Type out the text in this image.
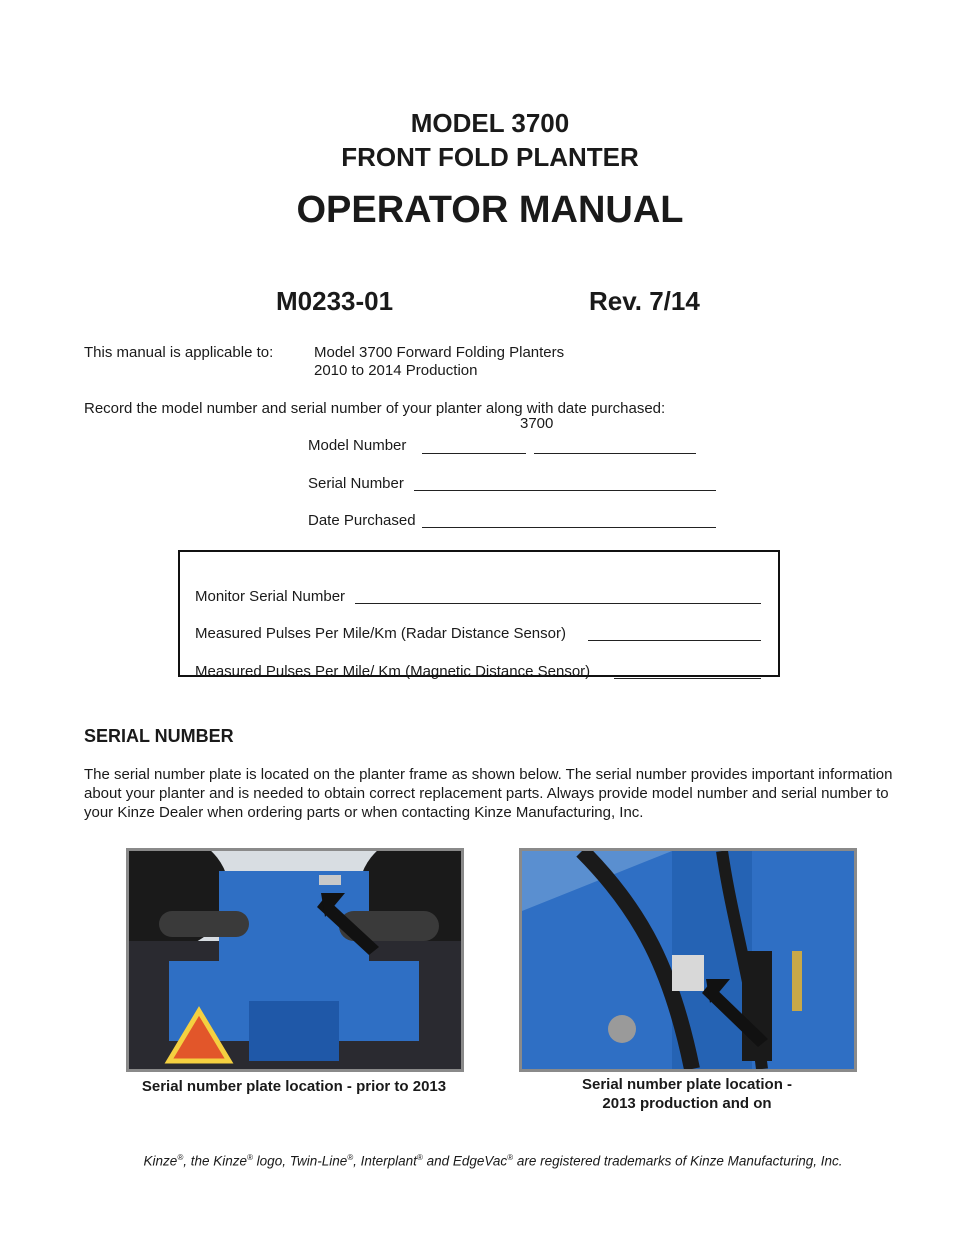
MODEL 3700
FRONT FOLD PLANTER
OPERATOR MANUAL
M0233-01	Rev. 7/14
This manual is applicable to:	Model 3700 Forward Folding Planters
2010 to 2014 Production
Record the model number and serial number of your planter along with date purchased:
3700
Model Number
Serial Number
Date Purchased
Monitor Serial Number
Measured Pulses Per Mile/Km (Radar Distance Sensor)
Measured Pulses Per Mile/ Km (Magnetic Distance Sensor)
SERIAL NUMBER
The serial number plate is located on the planter frame as shown below. The serial number provides important information about your planter and is needed to obtain correct replacement parts. Always provide model number and serial number to your Kinze Dealer when ordering parts or when contacting Kinze Manufacturing, Inc.
Serial number plate location - prior to 2013	Serial number plate location -
2013 production and on
Kinze®, the Kinze® logo, Twin-Line®, Interplant® and EdgeVac® are registered trademarks of Kinze Manufacturing, Inc.
